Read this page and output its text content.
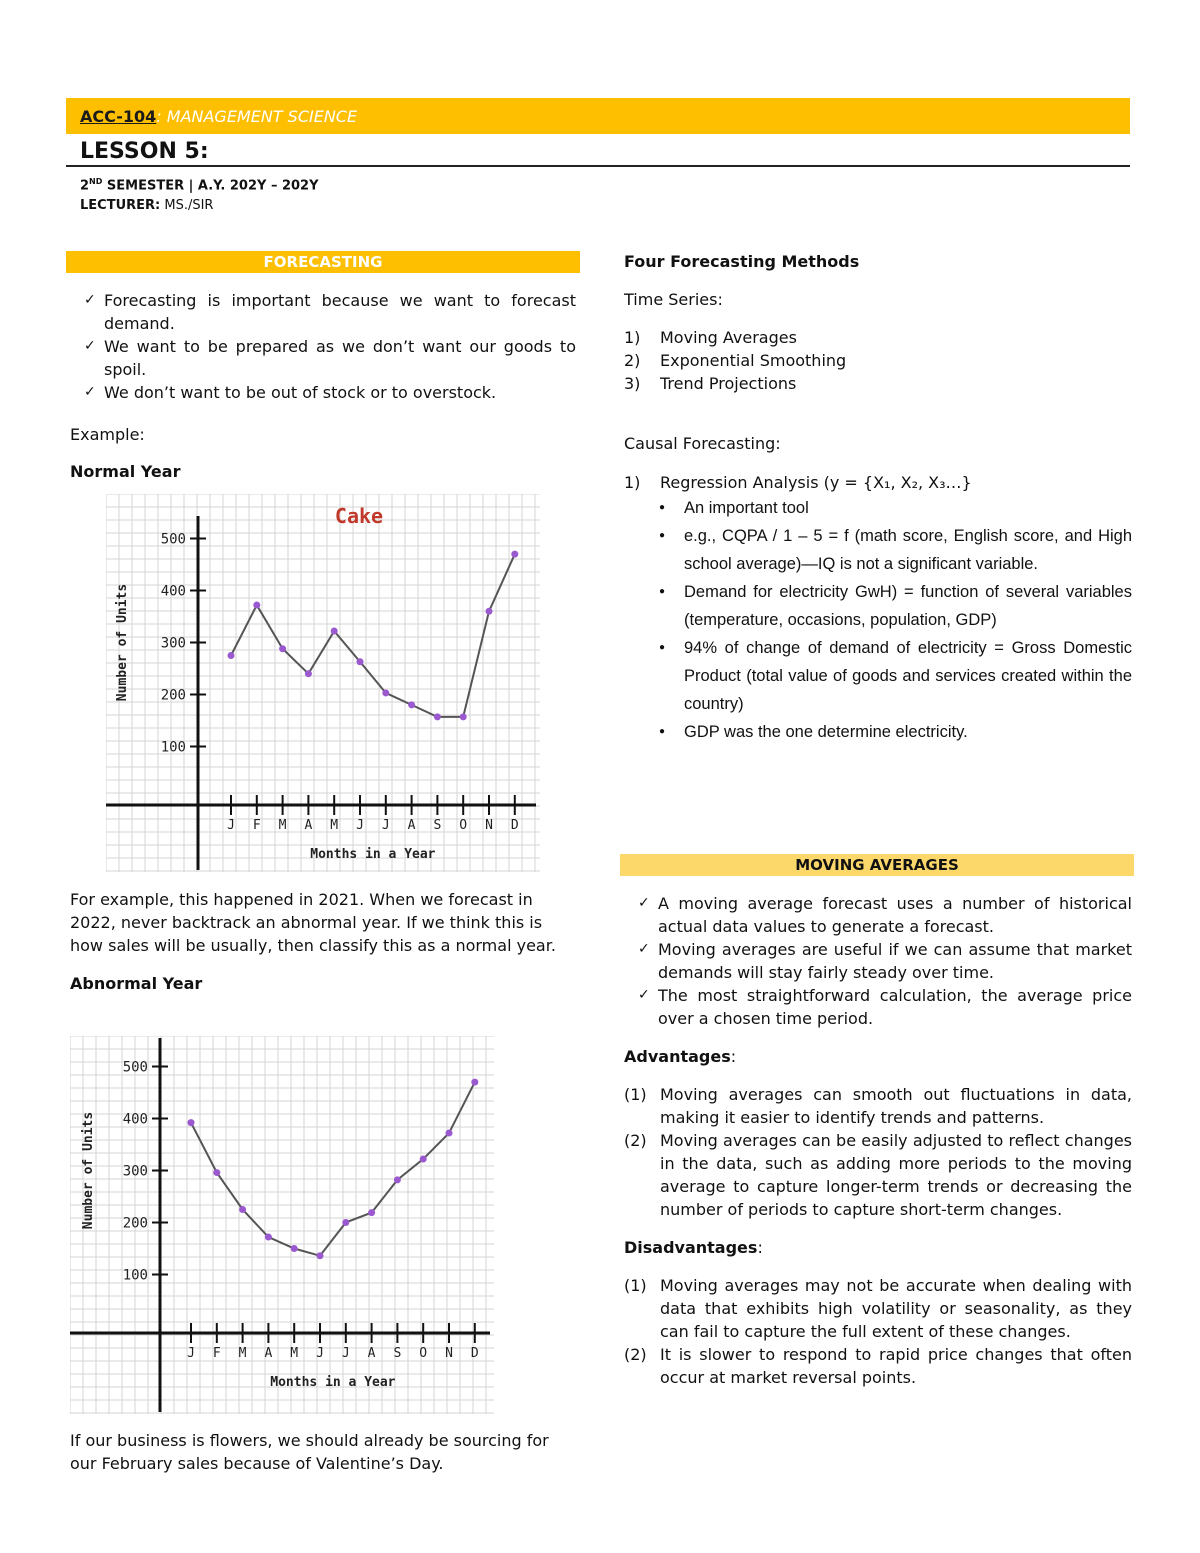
ACC-104 :
MANAGEMENT SCIENCE
LESSON 5:
2ND SEMESTER | A.Y. 202Y – 202Y
LECTURER: MS./SIR
FORECASTING
✓ Forecasting is important because we want to forecast demand.
✓ We want to be prepared as we don’t want our goods to spoil.
✓ We don’t want to be out of stock or to overstock.
Example:
Normal Year
100
200
300
400
500
J F M A M J J A S O N D
Months in a Year
Number of Units
Cake
For example, this happened in 2021. When we forecast in 2022, never backtrack an abnormal year. If we think this is how sales will be usually, then classify this as a normal year.
Abnormal Year
100
200
300
400
500
J F M A M J J A S O N D
Months in a Year
Number of Units
If our business is flowers, we should already be sourcing for our February sales because of Valentine’s Day.
Four Forecasting Methods
Time Series:
1)	Moving Averages
2)	Exponential Smoothing
3)	Trend Projections
Causal Forecasting:
1)	Regression Analysis (y = {X₁, X₂, X₃…}
●	An important tool
●	e.g., CQPA / 1 – 5 = f (math score, English score, and High school average)—IQ is not a significant variable.
●	Demand for electricity GwH) = function of several variables (temperature, occasions, population, GDP)
●	94% of change of demand of electricity = Gross Domestic Product (total value of goods and services created within the country)
●	GDP was the one determine electricity.
MOVING AVERAGES
✓ A moving average forecast uses a number of historical actual data values to generate a forecast.
✓ Moving averages are useful if we can assume that market demands will stay fairly steady over time.
✓ The most straightforward calculation, the average price over a chosen time period.
Advantages:
(1) Moving averages can smooth out fluctuations in data, making it easier to identify trends and patterns.
(2) Moving averages can be easily adjusted to reflect changes in the data, such as adding more periods to the moving average to capture longer-term trends or decreasing the number of periods to capture short-term changes.
Disadvantages:
(1) Moving averages may not be accurate when dealing with data that exhibits high volatility or seasonality, as they can fail to capture the full extent of these changes.
(2) It is slower to respond to rapid price changes that often occur at market reversal points.
